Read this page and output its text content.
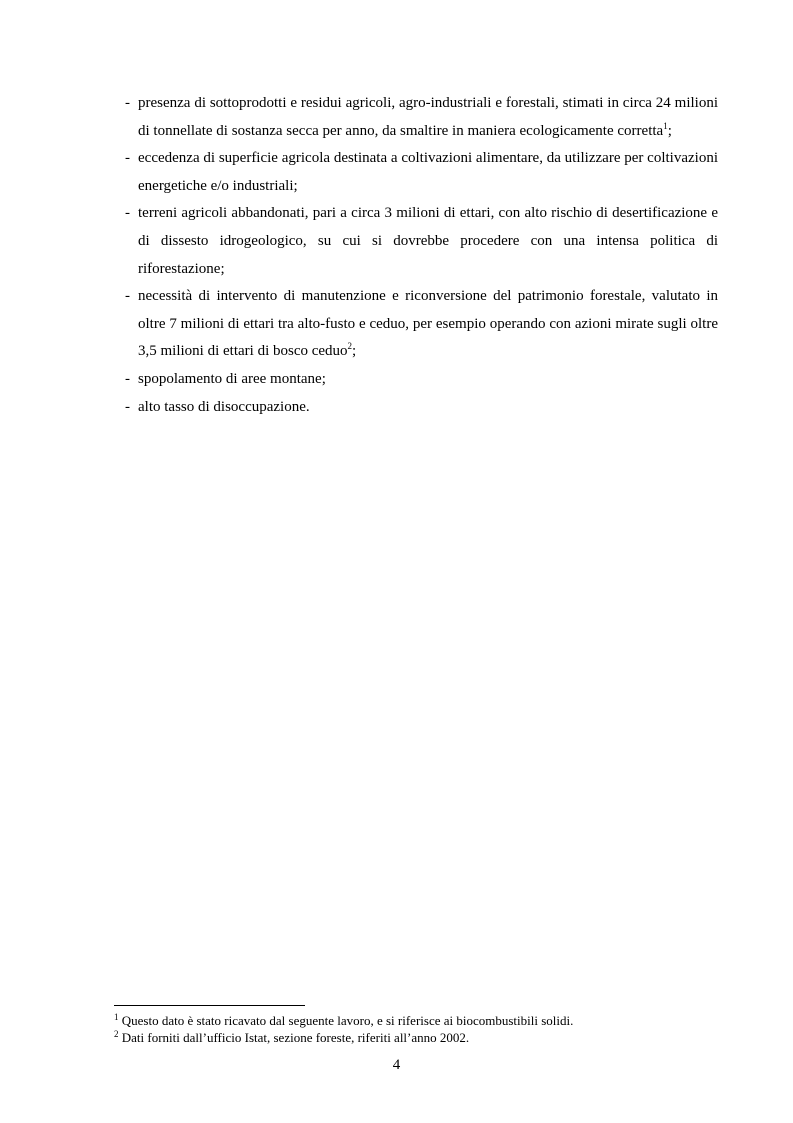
- presenza di sottoprodotti e residui agricoli, agro-industriali e forestali, stimati in circa 24 milioni di tonnellate di sostanza secca per anno, da smaltire in maniera ecologicamente corretta$^1$;
- eccedenza di superficie agricola destinata a coltivazioni alimentare, da utilizzare per coltivazioni energetiche e/o industriali;
- terreni agricoli abbandonati, pari a circa 3 milioni di ettari, con alto rischio di desertificazione e di dissesto idrogeologico, su cui si dovrebbe procedere con una intensa politica di riforestazione;
- necessità di intervento di manutenzione e riconversione del patrimonio forestale, valutato in oltre 7 milioni di ettari tra alto-fusto e ceduo, per esempio operando con azioni mirate sugli oltre 3,5 milioni di ettari di bosco ceduo$^2$;
- spopolamento di aree montane;
- alto tasso di disoccupazione.
$^1$ Questo dato è stato ricavato dal seguente lavoro, e si riferisce ai biocombustibili solidi.
$^2$ Dati forniti dall’ufficio Istat, sezione foreste, riferiti all’anno 2002.
4
